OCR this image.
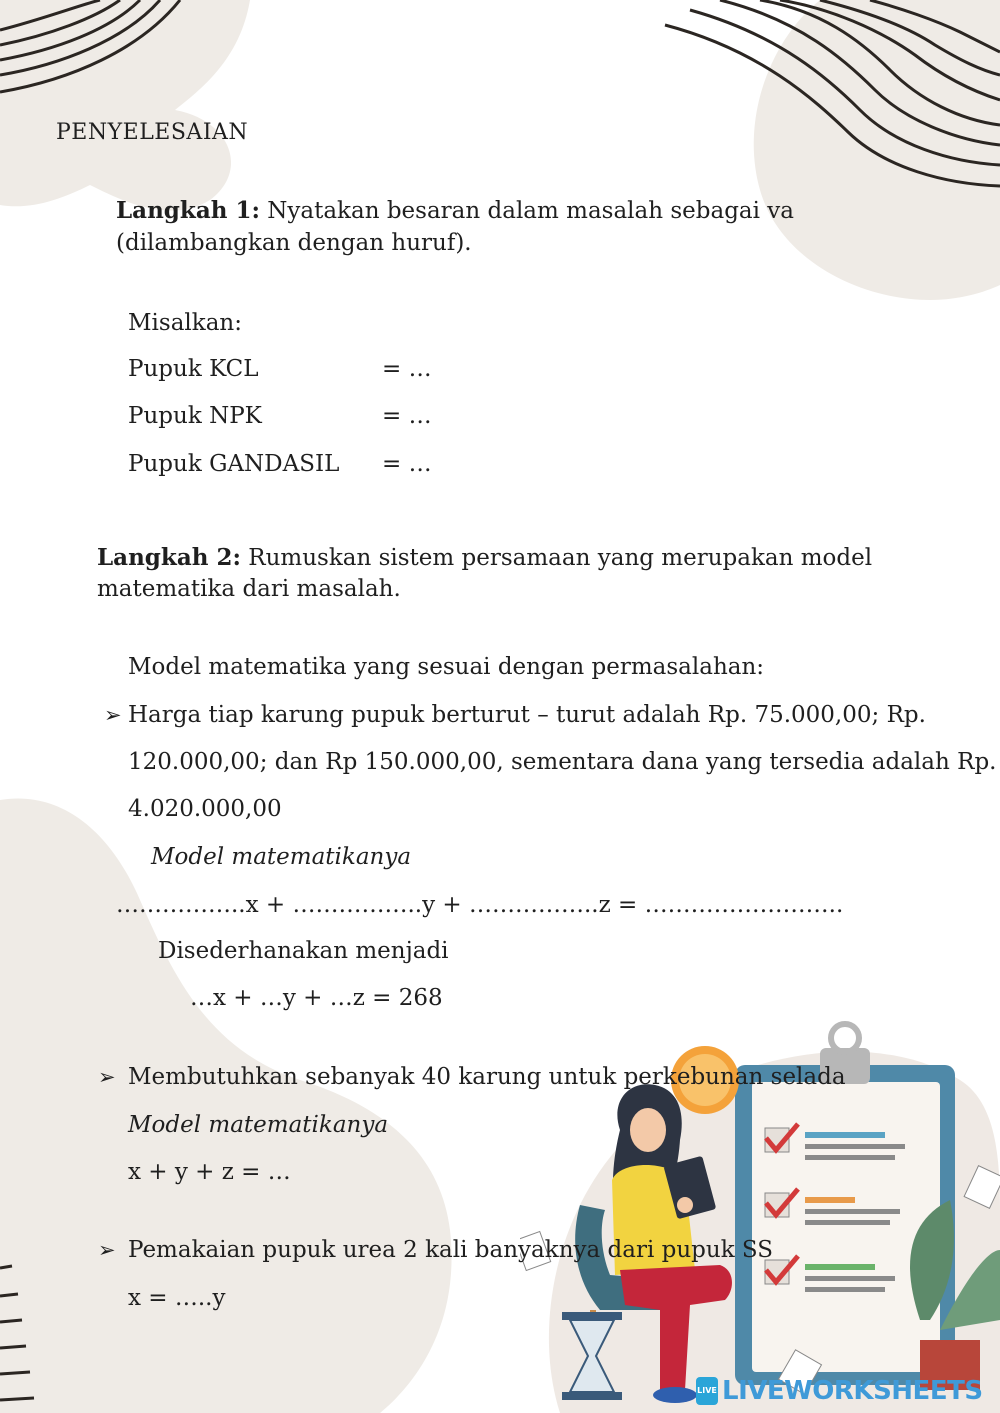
PENYELESAIAN
Langkah 1: Nyatakan besaran dalam masalah sebagai va
(dilambangkan dengan huruf).
Misalkan:
Pupuk KCL	= …
Pupuk NPK	= …
Pupuk GANDASIL = …
Langkah 2: Rumuskan sistem persamaan yang merupakan model
matematika dari masalah.
Model matematika yang sesuai dengan permasalahan:
➢ Harga tiap karung pupuk berturut – turut adalah Rp. 75.000,00; Rp.
120.000,00; dan Rp 150.000,00, sementara dana yang tersedia adalah Rp.
4.020.000,00
Model matematikanya
……………..x + ……………..y + ……………..z = ……………………..
Disederhanakan menjadi
…x + …y + …z = 268
➢ Membutuhkan sebanyak 40 karung untuk perkebunan selada
Model matematikanya
x + y + z = …
➢ Pemakaian pupuk urea 2 kali banyaknya dari pupuk SS
x = …..y
LIVE LIVEWORKSHEETS
